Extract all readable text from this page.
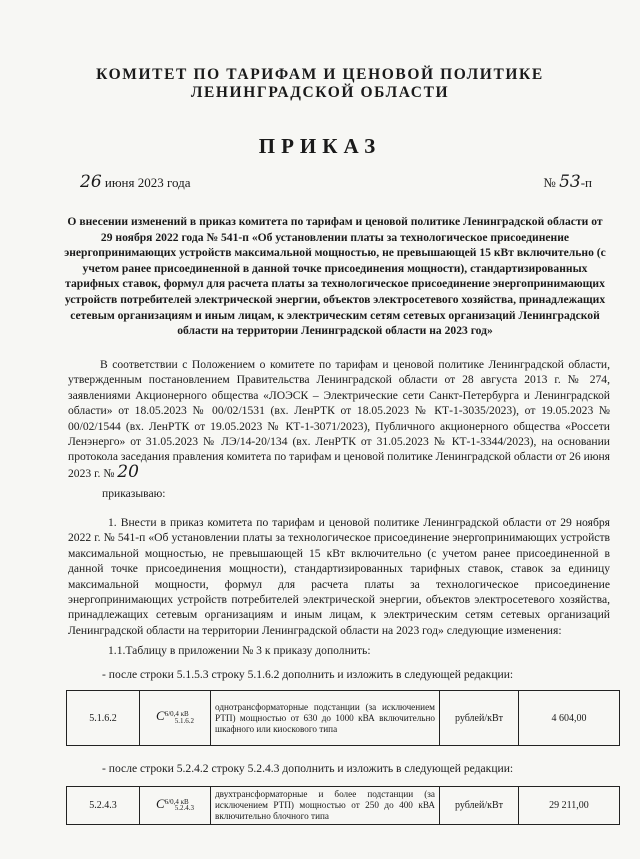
КОМИТЕТ ПО ТАРИФАМ И ЦЕНОВОЙ ПОЛИТИКЕ
ЛЕНИНГРАДСКОЙ ОБЛАСТИ
ПРИКАЗ
26 июня 2023 года	№ 53-п
О внесении изменений в приказ комитета по тарифам и ценовой политике Ленинградской области от 29 ноября 2022 года № 541-п «Об установлении платы за технологическое присоединение энергопринимающих устройств максимальной мощностью, не превышающей 15 кВт включительно (с учетом ранее присоединенной в данной точке присоединения мощности), стандартизированных тарифных ставок, формул для расчета платы за технологическое присоединение энергопринимающих устройств потребителей электрической энергии, объектов электросетевого хозяйства, принадлежащих сетевым организациям и иным лицам, к электрическим сетям сетевых организаций Ленинградской области на территории Ленинградской области на 2023 год»
В соответствии с Положением о комитете по тарифам и ценовой политике Ленинградской области, утвержденным постановлением Правительства Ленинградской области от 28 августа 2013 г. № 274, заявлениями Акционерного общества «ЛОЭСК – Электрические сети Санкт-Петербурга и Ленинградской области» от 18.05.2023 № 00/02/1531 (вх. ЛенРТК от 18.05.2023 № КТ-1-3035/2023), от 19.05.2023 № 00/02/1544 (вх. ЛенРТК от 19.05.2023 № КТ-1-3071/2023), Публичного акционерного общества «Россети Ленэнерго» от 31.05.2023 № ЛЭ/14-20/134 (вх. ЛенРТК от 31.05.2023 № КТ-1-3344/2023), на основании протокола заседания правления комитета по тарифам и ценовой политике Ленинградской области от 26 июня 2023 г. № 20
приказываю:
1. Внести в приказ комитета по тарифам и ценовой политике Ленинградской области от 29 ноября 2022 г. № 541-п «Об установлении платы за технологическое присоединение энергопринимающих устройств максимальной мощностью, не превышающей 15 кВт включительно (с учетом ранее присоединенной в данной точке присоединения мощности), стандартизированных тарифных ставок, ставок за единицу максимальной мощности, формул для расчета платы за технологическое присоединение энергопринимающих устройств потребителей электрической энергии, объектов электросетевого хозяйства, принадлежащих сетевым организациям и иным лицам, к электрическим сетям сетевых организаций Ленинградской области на территории Ленинградской области на 2023 год» следующие изменения:
1.1.Таблицу в приложении № 3 к приказу дополнить:
- после строки 5.1.5.3 строку 5.1.6.2 дополнить и изложить в следующей редакции:
5.1.6.2	$C^{6/0,4 кВ}_{5.1.6.2}$	однотрансформаторные подстанции (за исключением РТП) мощностью от 630 до 1000 кВА включительно шкафного или киоскового типа	рублей/кВт	4 604,00
- после строки 5.2.4.2 строку 5.2.4.3 дополнить и изложить в следующей редакции:
5.2.4.3	$C^{6/0,4 кВ}_{5.2.4.3}$	двухтрансформаторные и более подстанции (за исключением РТП) мощностью от 250 до 400 кВА включительно блочного типа	рублей/кВт	29 211,00
